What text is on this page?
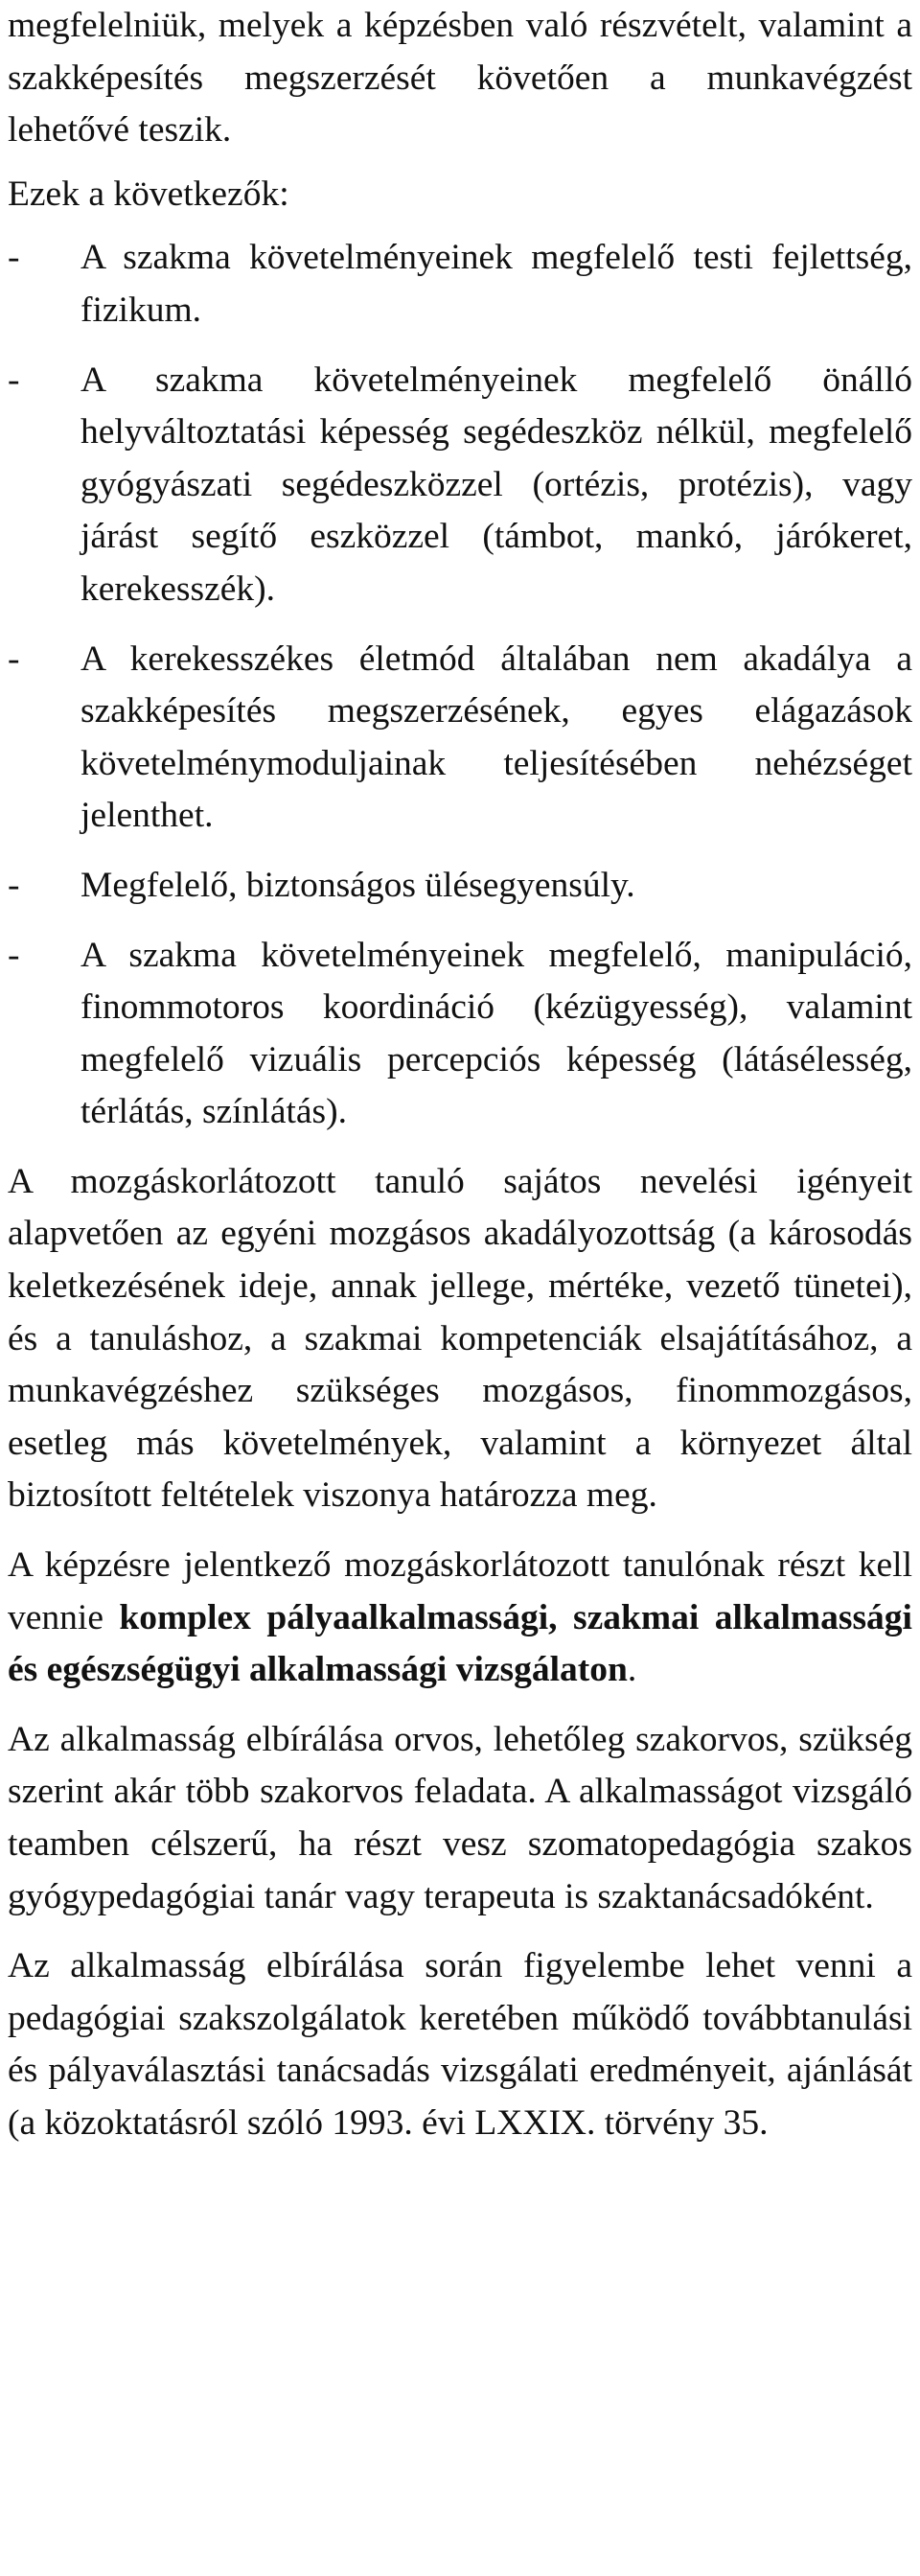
megfelelniük, melyek a képzésben való részvételt, valamint a szakképesítés megszerzését követően a munkavégzést lehetővé teszik.

Ezek a következők:

- A szakma követelményeinek megfelelő testi fejlettség, fizikum.
- A szakma követelményeinek megfelelő önálló helyváltoztatási képesség segédeszköz nélkül, megfelelő gyógyászati segédeszközzel (ortézis, protézis), vagy járást segítő eszközzel (támbot, mankó, járókeret, kerekesszék).
- A kerekesszékes életmód általában nem akadálya a szakképesítés megszerzésének, egyes elágazások követelménymoduljainak teljesítésében nehézséget jelenthet.
- Megfelelő, biztonságos ülésegyensúly.
- A szakma követelményeinek megfelelő, manipuláció, finommotoros koordináció (kézügyesség), valamint megfelelő vizuális percepciós képesség (látásélesség, térlátás, színlátás).

A mozgáskorlátozott tanuló sajátos nevelési igényeit alapvetően az egyéni mozgásos akadályozottság (a károsodás keletkezésének ideje, annak jellege, mértéke, vezető tünetei), és a tanuláshoz, a szakmai kompetenciák elsajátításához, a munkavégzéshez szükséges mozgásos, finommozgásos, esetleg más követelmények, valamint a környezet által biztosított feltételek viszonya határozza meg.

A képzésre jelentkező mozgáskorlátozott tanulónak részt kell vennie komplex pályaalkalmassági, szakmai alkalmassági és egészségügyi alkalmassági vizsgálaton.

Az alkalmasság elbírálása orvos, lehetőleg szakorvos, szükség szerint akár több szakorvos feladata. A alkalmasságot vizsgáló teamben célszerű, ha részt vesz szomatopedagógia szakos gyógypedagógiai tanár vagy terapeuta is szaktanácsadóként.

Az alkalmasság elbírálása során figyelembe lehet venni a pedagógiai szakszolgálatok keretében működő továbbtanulási és pályaválasztási tanácsadás vizsgálati eredményeit, ajánlását (a közoktatásról szóló 1993. évi LXXIX. törvény 35.
